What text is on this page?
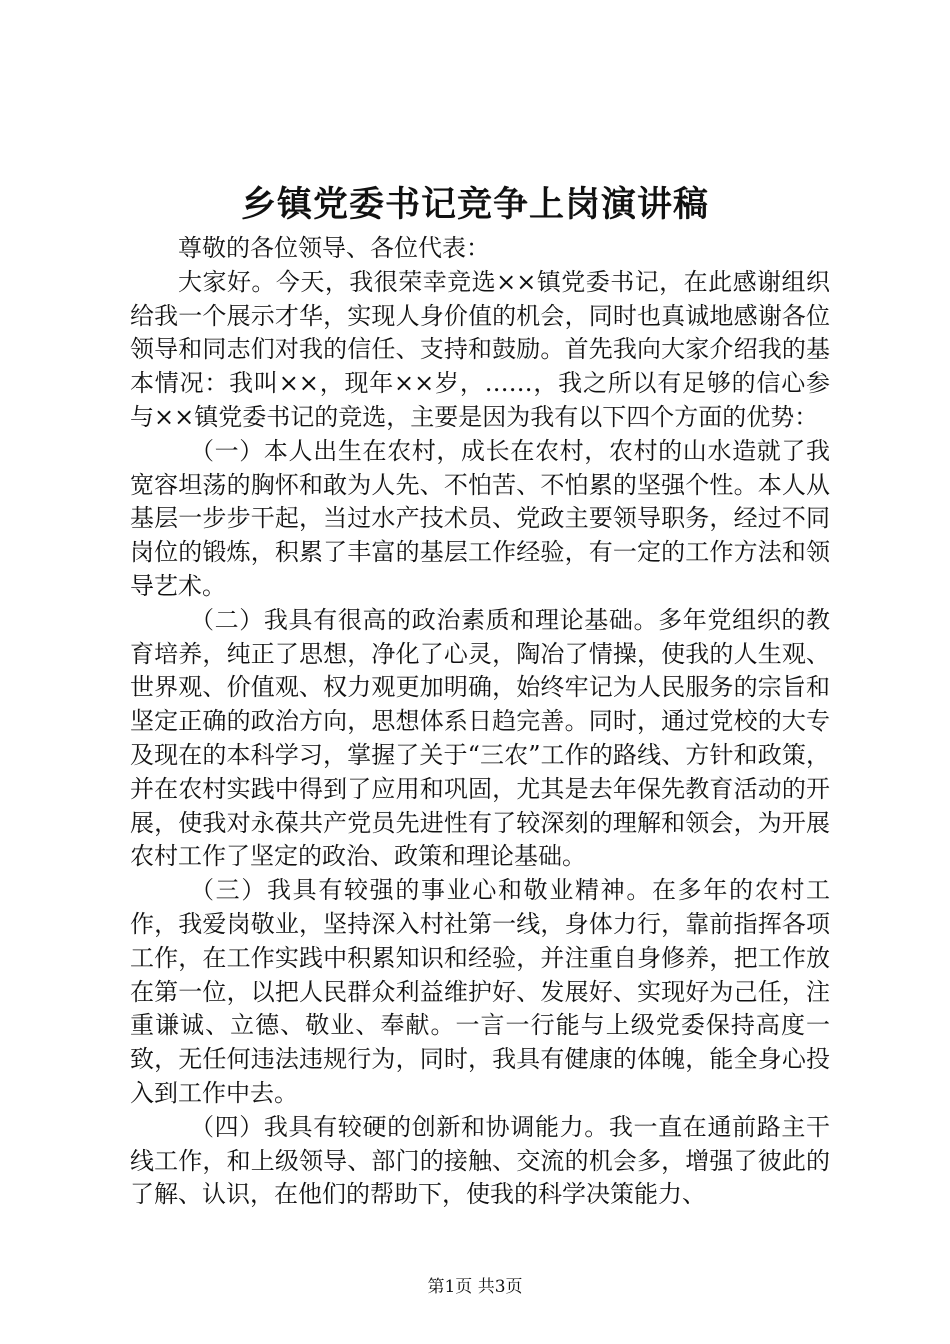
乡镇党委书记竞争上岗演讲稿

尊敬的各位领导、各位代表：

大家好。今天，我很荣幸竞选××镇党委书记，在此感谢组织给我一个展示才华，实现人身价值的机会，同时也真诚地感谢各位领导和同志们对我的信任、支持和鼓励。首先我向大家介绍我的基本情况：我叫××，现年××岁，……，我之所以有足够的信心参与××镇党委书记的竞选，主要是因为我有以下四个方面的优势：

（一）本人出生在农村，成长在农村，农村的山水造就了我宽容坦荡的胸怀和敢为人先、不怕苦、不怕累的坚强个性。本人从基层一步步干起，当过水产技术员、党政主要领导职务，经过不同岗位的锻炼，积累了丰富的基层工作经验，有一定的工作方法和领导艺术。

（二）我具有很高的政治素质和理论基础。多年党组织的教育培养，纯正了思想，净化了心灵，陶冶了情操，使我的人生观、世界观、价值观、权力观更加明确，始终牢记为人民服务的宗旨和坚定正确的政治方向，思想体系日趋完善。同时，通过党校的大专及现在的本科学习，掌握了关于“三农”工作的路线、方针和政策，并在农村实践中得到了应用和巩固，尤其是去年保先教育活动的开展，使我对永葆共产党员先进性有了较深刻的理解和领会，为开展农村工作了坚定的政治、政策和理论基础。

（三）我具有较强的事业心和敬业精神。在多年的农村工作，我爱岗敬业，坚持深入村社第一线，身体力行，靠前指挥各项工作，在工作实践中积累知识和经验，并注重自身修养，把工作放在第一位，以把人民群众利益维护好、发展好、实现好为己任，注重谦诚、立德、敬业、奉献。一言一行能与上级党委保持高度一致，无任何违法违规行为，同时，我具有健康的体魄，能全身心投入到工作中去。

（四）我具有较硬的创新和协调能力。我一直在通前路主干线工作，和上级领导、部门的接触、交流的机会多，增强了彼此的了解、认识，在他们的帮助下，使我的科学决策能力、

第1页 共3页
